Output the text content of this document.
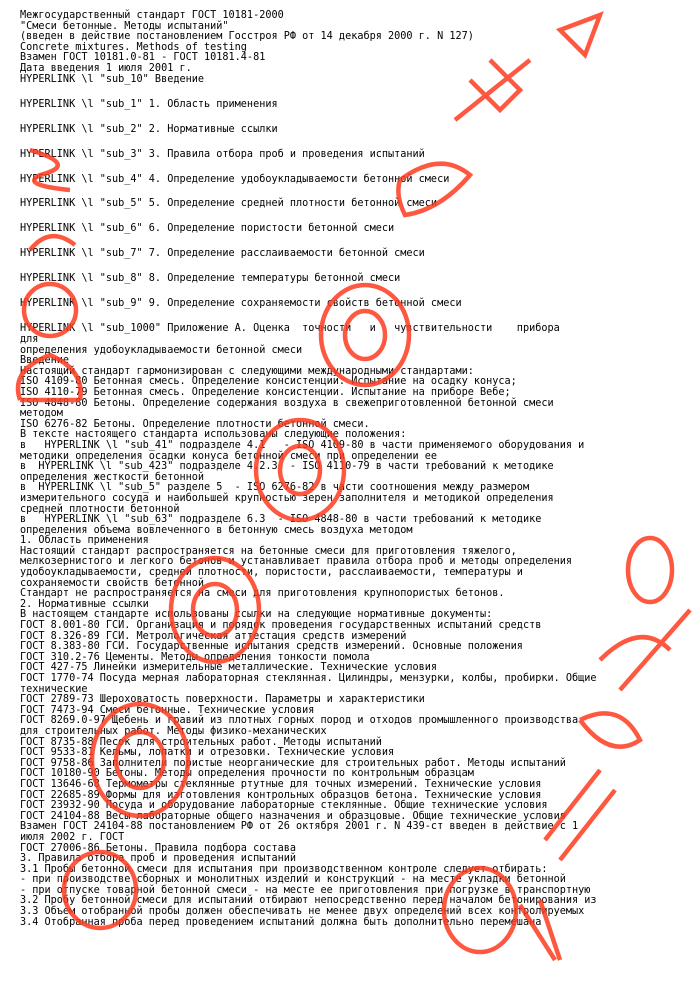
Межгосударственный стандарт ГОСТ 10181-2000
"Смеси бетонные. Методы испытаний"
(введен в действие постановлением Госстроя РФ от 14 декабря 2000 г. N 127)
Concrete mixtures. Methods of testing
Взамен ГОСТ 10181.0-81 - ГОСТ 10181.4-81
Дата введения 1 июля 2001 г.
HYPERLINK \l "sub_10" Введение
HYPERLINK \l "sub_1" 1. Область применения
HYPERLINK \l "sub_2" 2. Нормативные ссылки
HYPERLINK \l "sub_3" 3. Правила отбора проб и проведения испытаний
HYPERLINK \l "sub_4" 4. Определение удобоукладываемости бетонной смеси
HYPERLINK \l "sub_5" 5. Определение средней плотности бетонной смеси
HYPERLINK \l "sub_6" 6. Определение пористости бетонной смеси
HYPERLINK \l "sub_7" 7. Определение расслаиваемости бетонной смеси
HYPERLINK \l "sub_8" 8. Определение температуры бетонной смеси
HYPERLINK \l "sub_9" 9. Определение сохраняемости свойств бетонной смеси
HYPERLINK \l "sub_1000" Приложение А. Оценка  точности   и   чувствительности    прибора
для
определения удобоукладываемости бетонной смеси
Введение
Настоящий стандарт гармонизирован с следующими международными стандартами:
ISO 4109-80 Бетонная смесь. Определение консистенции. Испытание на осадку конуса;
ISO 4110-79 Бетонная смесь. Определение консистенции. Испытание на приборе Вебе;
ISO 4848-80 Бетоны. Определение содержания воздуха в свежеприготовленной бетонной смеси
методом
ISO 6276-82 Бетоны. Определение плотности бетонной смеси.
В тексте настоящего стандарта использованы следующие положения:
в   HYPERLINK \l "sub_41" подразделе 4.1   - ISO 4109-80 в части применяемого оборудования и
методики определения осадки конуса бетонной смеси при определении ее
в  HYPERLINK \l "sub_423" подразделе 4.2.3  - ISO 4110-79 в части требований к методике
определения жесткости бетонной
в  HYPERLINK \l "sub_5" разделе 5  - ISO 6276-82 в части соотношения между размером
измерительного сосуда и наибольшей крупностью зерен заполнителя и методикой определения
средней плотности бетонной
в   HYPERLINK \l "sub_63" подразделе 6.3  - ISO 4848-80 в части требований к методике
определения объема вовлеченного в бетонную смесь воздуха методом
1. Область применения
Настоящий стандарт распространяется на бетонные смеси для приготовления тяжелого,
мелкозернистого и легкого бетонов и устанавливает правила отбора проб и методы определения
удобоукладываемости, средней плотности, пористости, расслаиваемости, температуры и
сохраняемости свойств бетонной
Стандарт не распространяется на смеси для приготовления крупнопористых бетонов.
2. Нормативные ссылки
В настоящем стандарте использованы ссылки на следующие нормативные документы:
ГОСТ 8.001-80 ГСИ. Организация и порядок проведения государственных испытаний средств
ГОСТ 8.326-89 ГСИ. Метрологическая аттестация средств измерений
ГОСТ 8.383-80 ГСИ. Государственные испытания средств измерений. Основные положения
ГОСТ 310.2-76 Цементы. Методы определения тонкости помола
ГОСТ 427-75 Линейки измерительные металлические. Технические условия
ГОСТ 1770-74 Посуда мерная лабораторная стеклянная. Цилиндры, мензурки, колбы, пробирки. Общие
технические
ГОСТ 2789-73 Шероховатость поверхности. Параметры и характеристики
ГОСТ 7473-94 Смеси бетонные. Технические условия
ГОСТ 8269.0-97 Щебень и гравий из плотных горных пород и отходов промышленного производства
для строительных работ. Методы физико-механических
ГОСТ 8735-88 Песок для строительных работ. Методы испытаний
ГОСТ 9533-81 Кельмы, лопатки и отрезовки. Технические условия
ГОСТ 9758-86 Заполнители пористые неорганические для строительных работ. Методы испытаний
ГОСТ 10180-90 Бетоны. Методы определения прочности по контрольным образцам
ГОСТ 13646-68 Термометры стеклянные ртутные для точных измерений. Технические условия
ГОСТ 22685-89 Формы для изготовления контрольных образцов бетона. Технические условия
ГОСТ 23932-90 Посуда и оборудование лабораторные стеклянные. Общие технические условия
ГОСТ 24104-88 Весы лабораторные общего назначения и образцовые. Общие технические условия
Взамен ГОСТ 24104-88 постановлением РФ от 26 октября 2001 г. N 439-ст введен в действие с 1
июля 2002 г. ГОСТ
ГОСТ 27006-86 Бетоны. Правила подбора состава
3. Правила отбора проб и проведения испытаний
3.1 Пробы бетонной смеси для испытания при производственном контроле следует отбирать:
- при производстве сборных и монолитных изделий и конструкций - на месте укладки бетонной
- при отпуске товарной бетонной смеси - на месте ее приготовления при погрузке в транспортную
3.2 Пробу бетонной смеси для испытаний отбирают непосредственно перед началом бетонирования из
3.3 Объем отобранной пробы должен обеспечивать не менее двух определений всех контролируемых
3.4 Отобранная проба перед проведением испытаний должна быть дополнительно перемешана
